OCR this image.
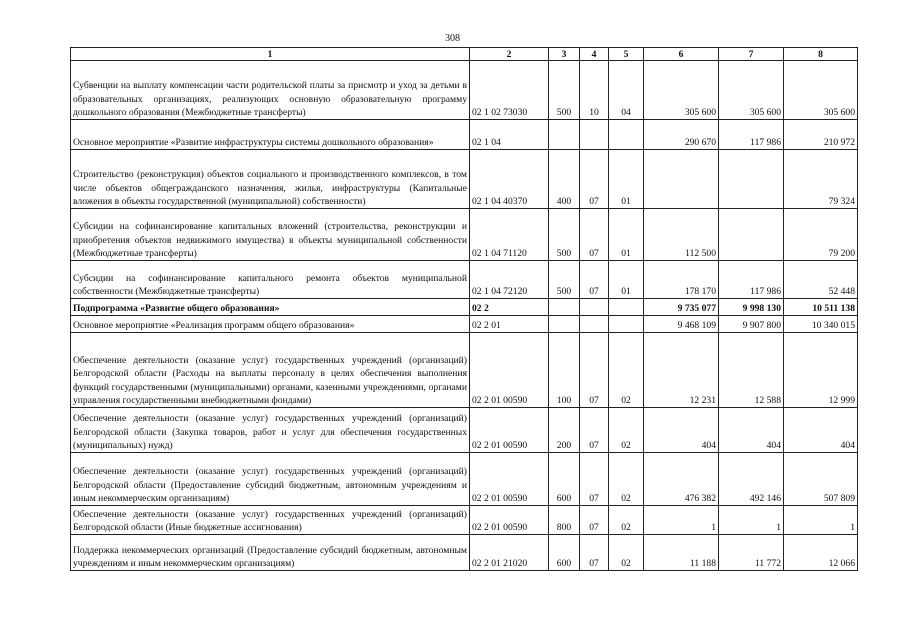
308
1	2	3	4	5	6	7	8
Субвенции на выплату компенсации части родительской платы за присмотр и уход за детьми в образовательных организациях, реализующих основную образовательную программу дошкольного образования (Межбюджетные трансферты)	02 1 02 73030	500	10	04	305 600	305 600	305 600
Основное мероприятие «Развитие инфраструктуры системы дошкольного образования»	02 1 04				290 670	117 986	210 972
Строительство (реконструкция) объектов социального и производственного комплексов, в том числе объектов общегражданского назначения, жилья, инфраструктуры (Капитальные вложения в объекты государственной (муниципальной) собственности)	02 1 04 40370	400	07	01			79 324
Субсидии на софинансирование капитальных вложений (строительства, реконструкции и приобретения объектов недвижимого имущества) в объекты муниципальной собственности (Межбюджетные трансферты)	02 1 04 71120	500	07	01	112 500		79 200
Субсидии на софинансирование капитального ремонта объектов муниципальной собственности (Межбюджетные трансферты)	02 1 04 72120	500	07	01	178 170	117 986	52 448
Подпрограмма «Развитие общего образования»	02 2				9 735 077	9 998 130	10 511 138
Основное мероприятие «Реализация программ общего образования»	02 2 01				9 468 109	9 907 800	10 340 015
Обеспечение деятельности (оказание услуг) государственных учреждений (организаций) Белгородской области (Расходы на выплаты персоналу в целях обеспечения выполнения функций государственными (муниципальными) органами, казенными учреждениями, органами управления государственными внебюджетными фондами)	02 2 01 00590	100	07	02	12 231	12 588	12 999
Обеспечение деятельности (оказание услуг) государственных учреждений (организаций) Белгородской области (Закупка товаров, работ и услуг для обеспечения государственных (муниципальных) нужд)	02 2 01 00590	200	07	02	404	404	404
Обеспечение деятельности (оказание услуг) государственных учреждений (организаций) Белгородской области (Предоставление субсидий бюджетным, автономным учреждениям и иным некоммерческим организациям)	02 2 01 00590	600	07	02	476 382	492 146	507 809
Обеспечение деятельности (оказание услуг) государственных учреждений (организаций) Белгородской области (Иные бюджетные ассигнования)	02 2 01 00590	800	07	02	1	1	1
Поддержка некоммерческих организаций (Предоставление субсидий бюджетным, автономным учреждениям и иным некоммерческим организациям)	02 2 01 21020	600	07	02	11 188	11 772	12 066
